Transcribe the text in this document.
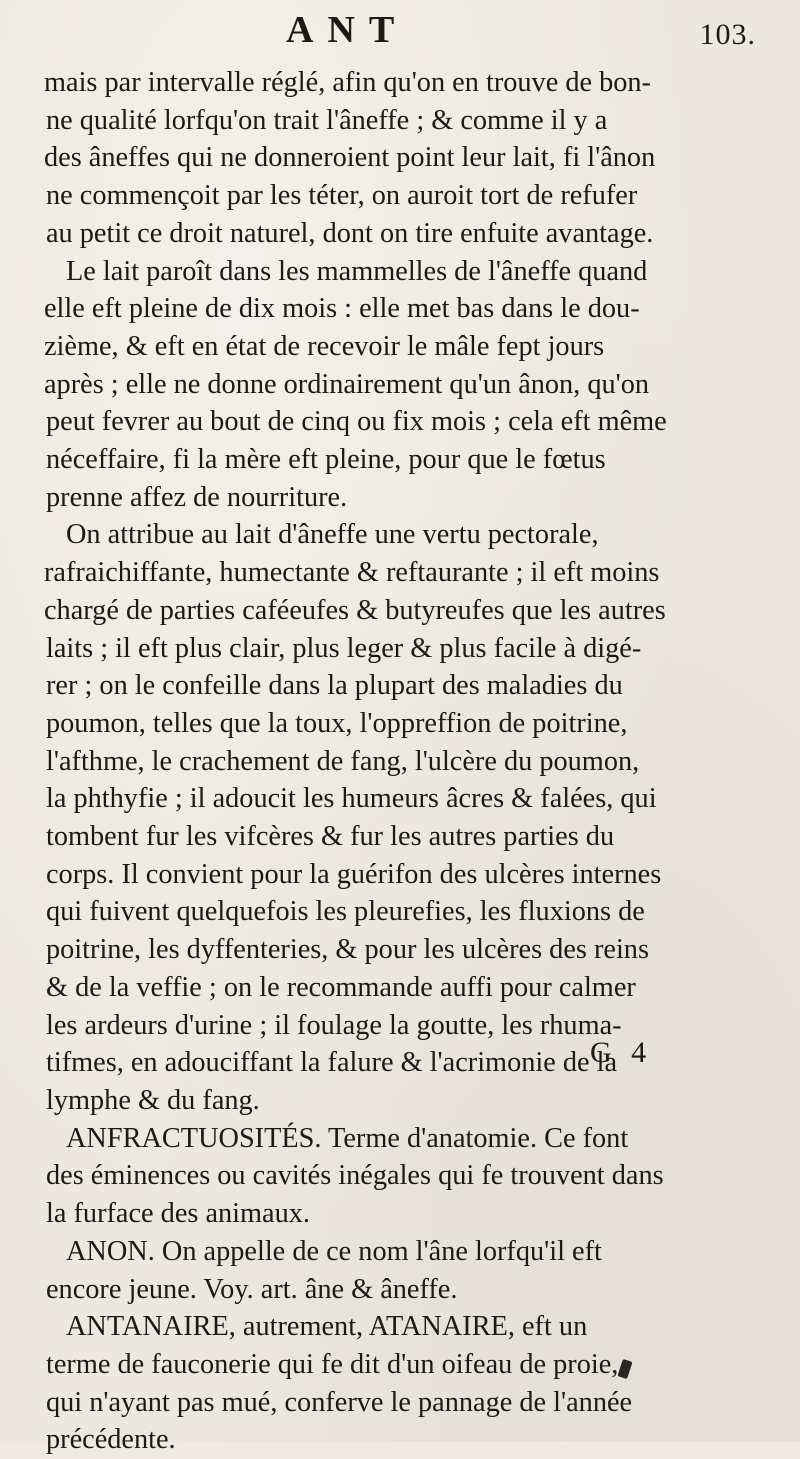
ANT	103.
mais par intervalle réglé, afin qu'on en trouve de bon-
ne qualité lorfqu'on trait l'âneffe ; & comme il y a
des âneffes qui ne donneroient point leur lait, fi l'ânon
ne commençoit par les téter, on auroit tort de refufer
au petit ce droit naturel, dont on tire enfuite avantage.
Le lait paroît dans les mammelles de l'âneffe quand
elle eft pleine de dix mois : elle met bas dans le dou-
zième, & eft en état de recevoir le mâle fept jours
après ; elle ne donne ordinairement qu'un ânon, qu'on
peut fevrer au bout de cinq ou fix mois ; cela eft même
néceffaire, fi la mère eft pleine, pour que le fœtus
prenne affez de nourriture.
On attribue au lait d'âneffe une vertu pectorale,
rafraichiffante, humectante & reftaurante ; il eft moins
chargé de parties caféeufes & butyreufes que les autres
laits ; il eft plus clair, plus leger & plus facile à digé-
rer ; on le confeille dans la plupart des maladies du
poumon, telles que la toux, l'oppreffion de poitrine,
l'afthme, le crachement de fang, l'ulcère du poumon,
la phthyfie ; il adoucit les humeurs âcres & falées, qui
tombent fur les vifcères & fur les autres parties du
corps. Il convient pour la guérifon des ulcères internes
qui fuivent quelquefois les pleurefies, les fluxions de
poitrine, les dyffenteries, & pour les ulcères des reins
& de la veffie ; on le recommande auffi pour calmer
les ardeurs d'urine ; il foulage la goutte, les rhuma-
tifmes, en adouciffant la falure & l'acrimonie de la
lymphe & du fang.
ANFRACTUOSITÉS. Terme d'anatomie. Ce font
des éminences ou cavités inégales qui fe trouvent dans
la furface des animaux.
ANON. On appelle de ce nom l'âne lorfqu'il eft
encore jeune. Voy. art. âne & âneffe.
ANTANAIRE, autrement, ATANAIRE, eft un
terme de fauconerie qui fe dit d'un oifeau de proie,
qui n'ayant pas mué, conferve le pannage de l'année
précédente.
G 4
